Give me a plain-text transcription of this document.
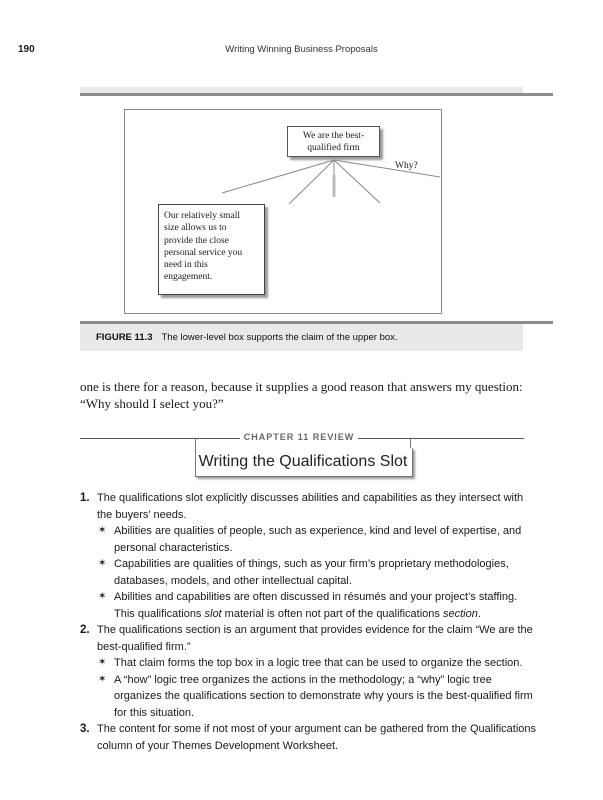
190	Writing Winning Business Proposals
We are the best-
qualified firm
Why?
Our relatively small
size allows us to
provide the close
personal service you
need in this
engagement.
FIGURE 11.3 The lower-level box supports the claim of the upper box.
one is there for a reason, because it supplies a good reason that answers my question: “Why should I select you?”
CHAPTER 11 REVIEW
Writing the Qualifications Slot
1. The qualifications slot explicitly discusses abilities and capabilities as they intersect with the buyers’ needs.
✶ Abilities are qualities of people, such as experience, kind and level of expertise, and personal characteristics.
✶ Capabilities are qualities of things, such as your firm’s proprietary methodologies, databases, models, and other intellectual capital.
✶ Abilities and capabilities are often discussed in résumés and your project’s staffing. This qualifications slot material is often not part of the qualifications section.
2. The qualifications section is an argument that provides evidence for the claim “We are the best-qualified firm.”
✶ That claim forms the top box in a logic tree that can be used to organize the section.
✶ A “how” logic tree organizes the actions in the methodology; a “why” logic tree organizes the qualifications section to demonstrate why yours is the best-qualified firm for this situation.
3. The content for some if not most of your argument can be gathered from the Qualifications column of your Themes Development Worksheet.
